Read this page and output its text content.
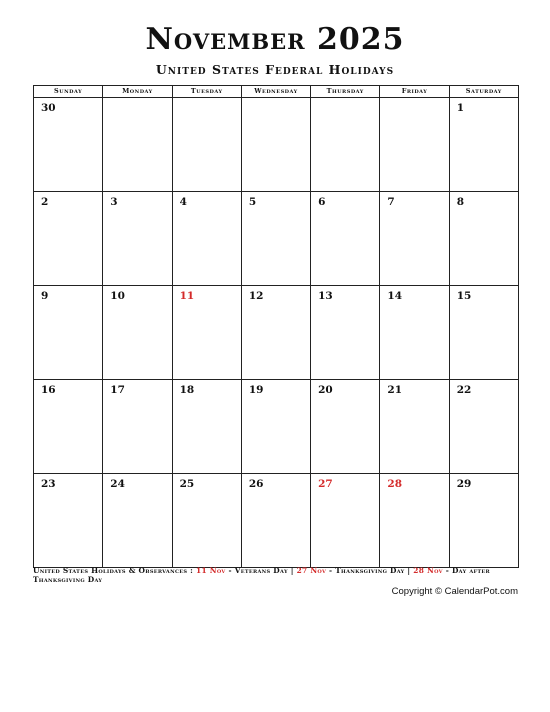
November 2025
United States Federal Holidays
Sunday	Monday	Tuesday	Wednesday	Thursday	Friday	Saturday

30						1

2	3	4	5	6	7	8

9	10	11	12	13	14	15

16	17	18	19	20	21	22

23	24	25	26	27	28	29
United States Holidays & Observances : 11 Nov - Veterans Day | 27 Nov - Thanksgiving Day | 28 Nov - Day after Thanksgiving Day
Copyright © CalendarPot.com
